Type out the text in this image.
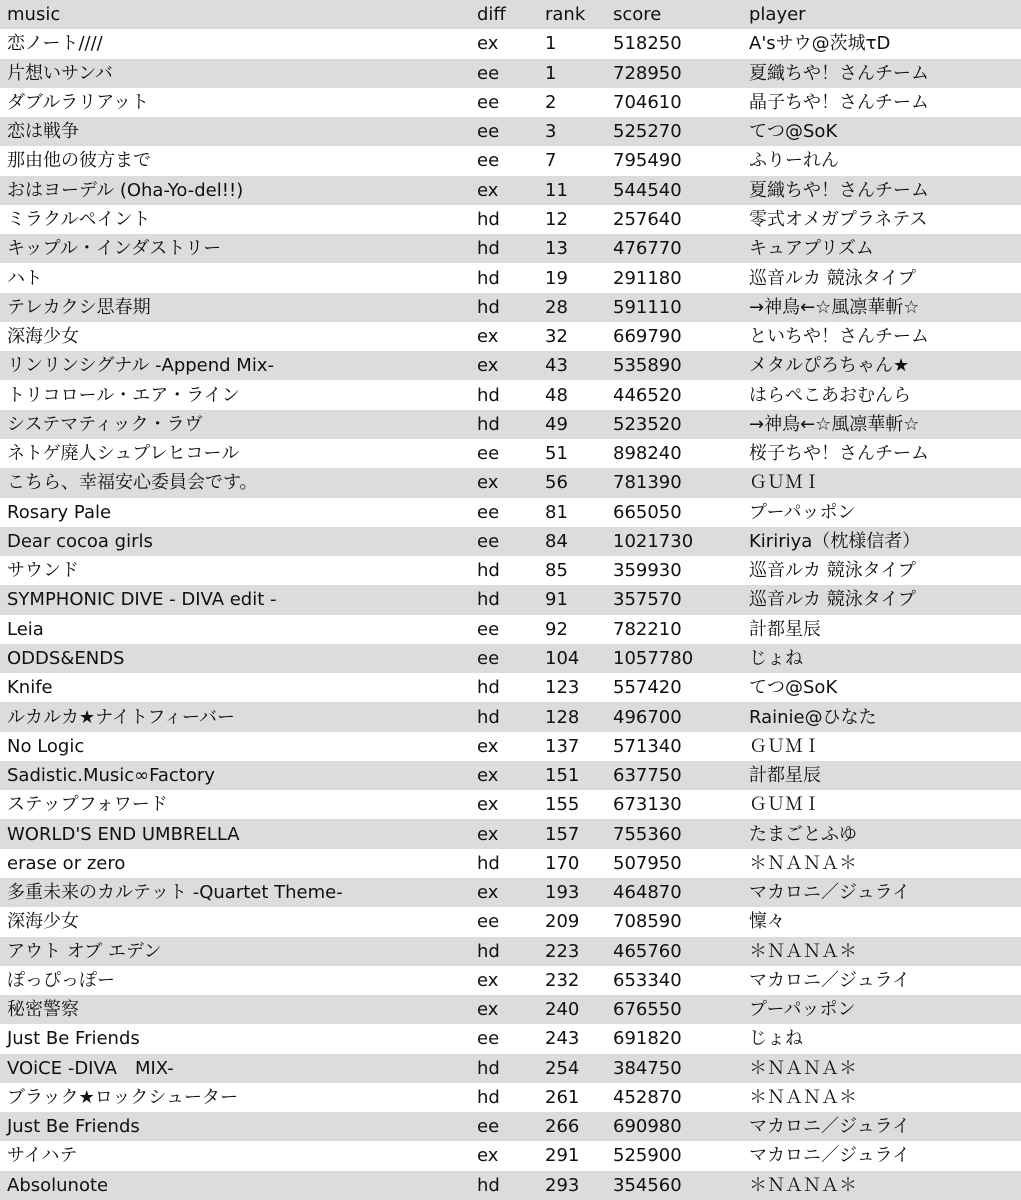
music	diff	rank	score	player
恋ノート////	ex	1	518250	A'sサウ@茨城τD
片想いサンバ	ee	1	728950	夏織ちや！さんチーム
ダブルラリアット	ee	2	704610	晶子ちや！さんチーム
恋は戦争	ee	3	525270	てつ@SoK
那由他の彼方まで	ee	7	795490	ふりーれん
おはヨーデル (Oha-Yo-del!!)	ex	11	544540	夏織ちや！さんチーム
ミラクルペイント	hd	12	257640	零式オメガプラネテス
キップル・インダストリー	hd	13	476770	キュアプリズム
ハト	hd	19	291180	巡音ルカ 競泳タイプ
テレカクシ思春期	hd	28	591110	→神鳥←☆風凛華斬☆
深海少女	ex	32	669790	といちや！さんチーム
リンリンシグナル -Append Mix-	ex	43	535890	メタルぴろちゃん★
トリコロール・エア・ライン	hd	48	446520	はらぺこあおむんら
システマティック・ラヴ	hd	49	523520	→神鳥←☆風凛華斬☆
ネトゲ廃人シュプレヒコール	ee	51	898240	桜子ちや！さんチーム
こちら、幸福安心委員会です。	ex	56	781390	ＧＵＭＩ
Rosary Pale	ee	81	665050	プーパッポン
Dear cocoa girls	ee	84	1021730	Kiririya（枕様信者）
サウンド	hd	85	359930	巡音ルカ 競泳タイプ
SYMPHONIC DIVE - DIVA edit -	hd	91	357570	巡音ルカ 競泳タイプ
Leia	ee	92	782210	計都星辰
ODDS&ENDS	ee	104	1057780	じょね
Knife	hd	123	557420	てつ@SoK
ルカルカ★ナイトフィーバー	hd	128	496700	Rainie@ひなた
No Logic	ex	137	571340	ＧＵＭＩ
Sadistic.Music∞Factory	ex	151	637750	計都星辰
ステップフォワード	ex	155	673130	ＧＵＭＩ
WORLD'S END UMBRELLA	ex	157	755360	たまごとふゆ
erase or zero	hd	170	507950	＊ＮＡＮＡ＊
多重未来のカルテット -Quartet Theme-	ex	193	464870	マカロニ／ジュライ
深海少女	ee	209	708590	懍々
アウト オブ エデン	hd	223	465760	＊ＮＡＮＡ＊
ぽっぴっぽー	ex	232	653340	マカロニ／ジュライ
秘密警察	ex	240	676550	プーパッポン
Just Be Friends	ee	243	691820	じょね
VOiCE -DIVA　MIX-	hd	254	384750	＊ＮＡＮＡ＊
ブラック★ロックシューター	hd	261	452870	＊ＮＡＮＡ＊
Just Be Friends	ee	266	690980	マカロニ／ジュライ
サイハテ	ex	291	525900	マカロニ／ジュライ
Absolunote	hd	293	354560	＊ＮＡＮＡ＊
